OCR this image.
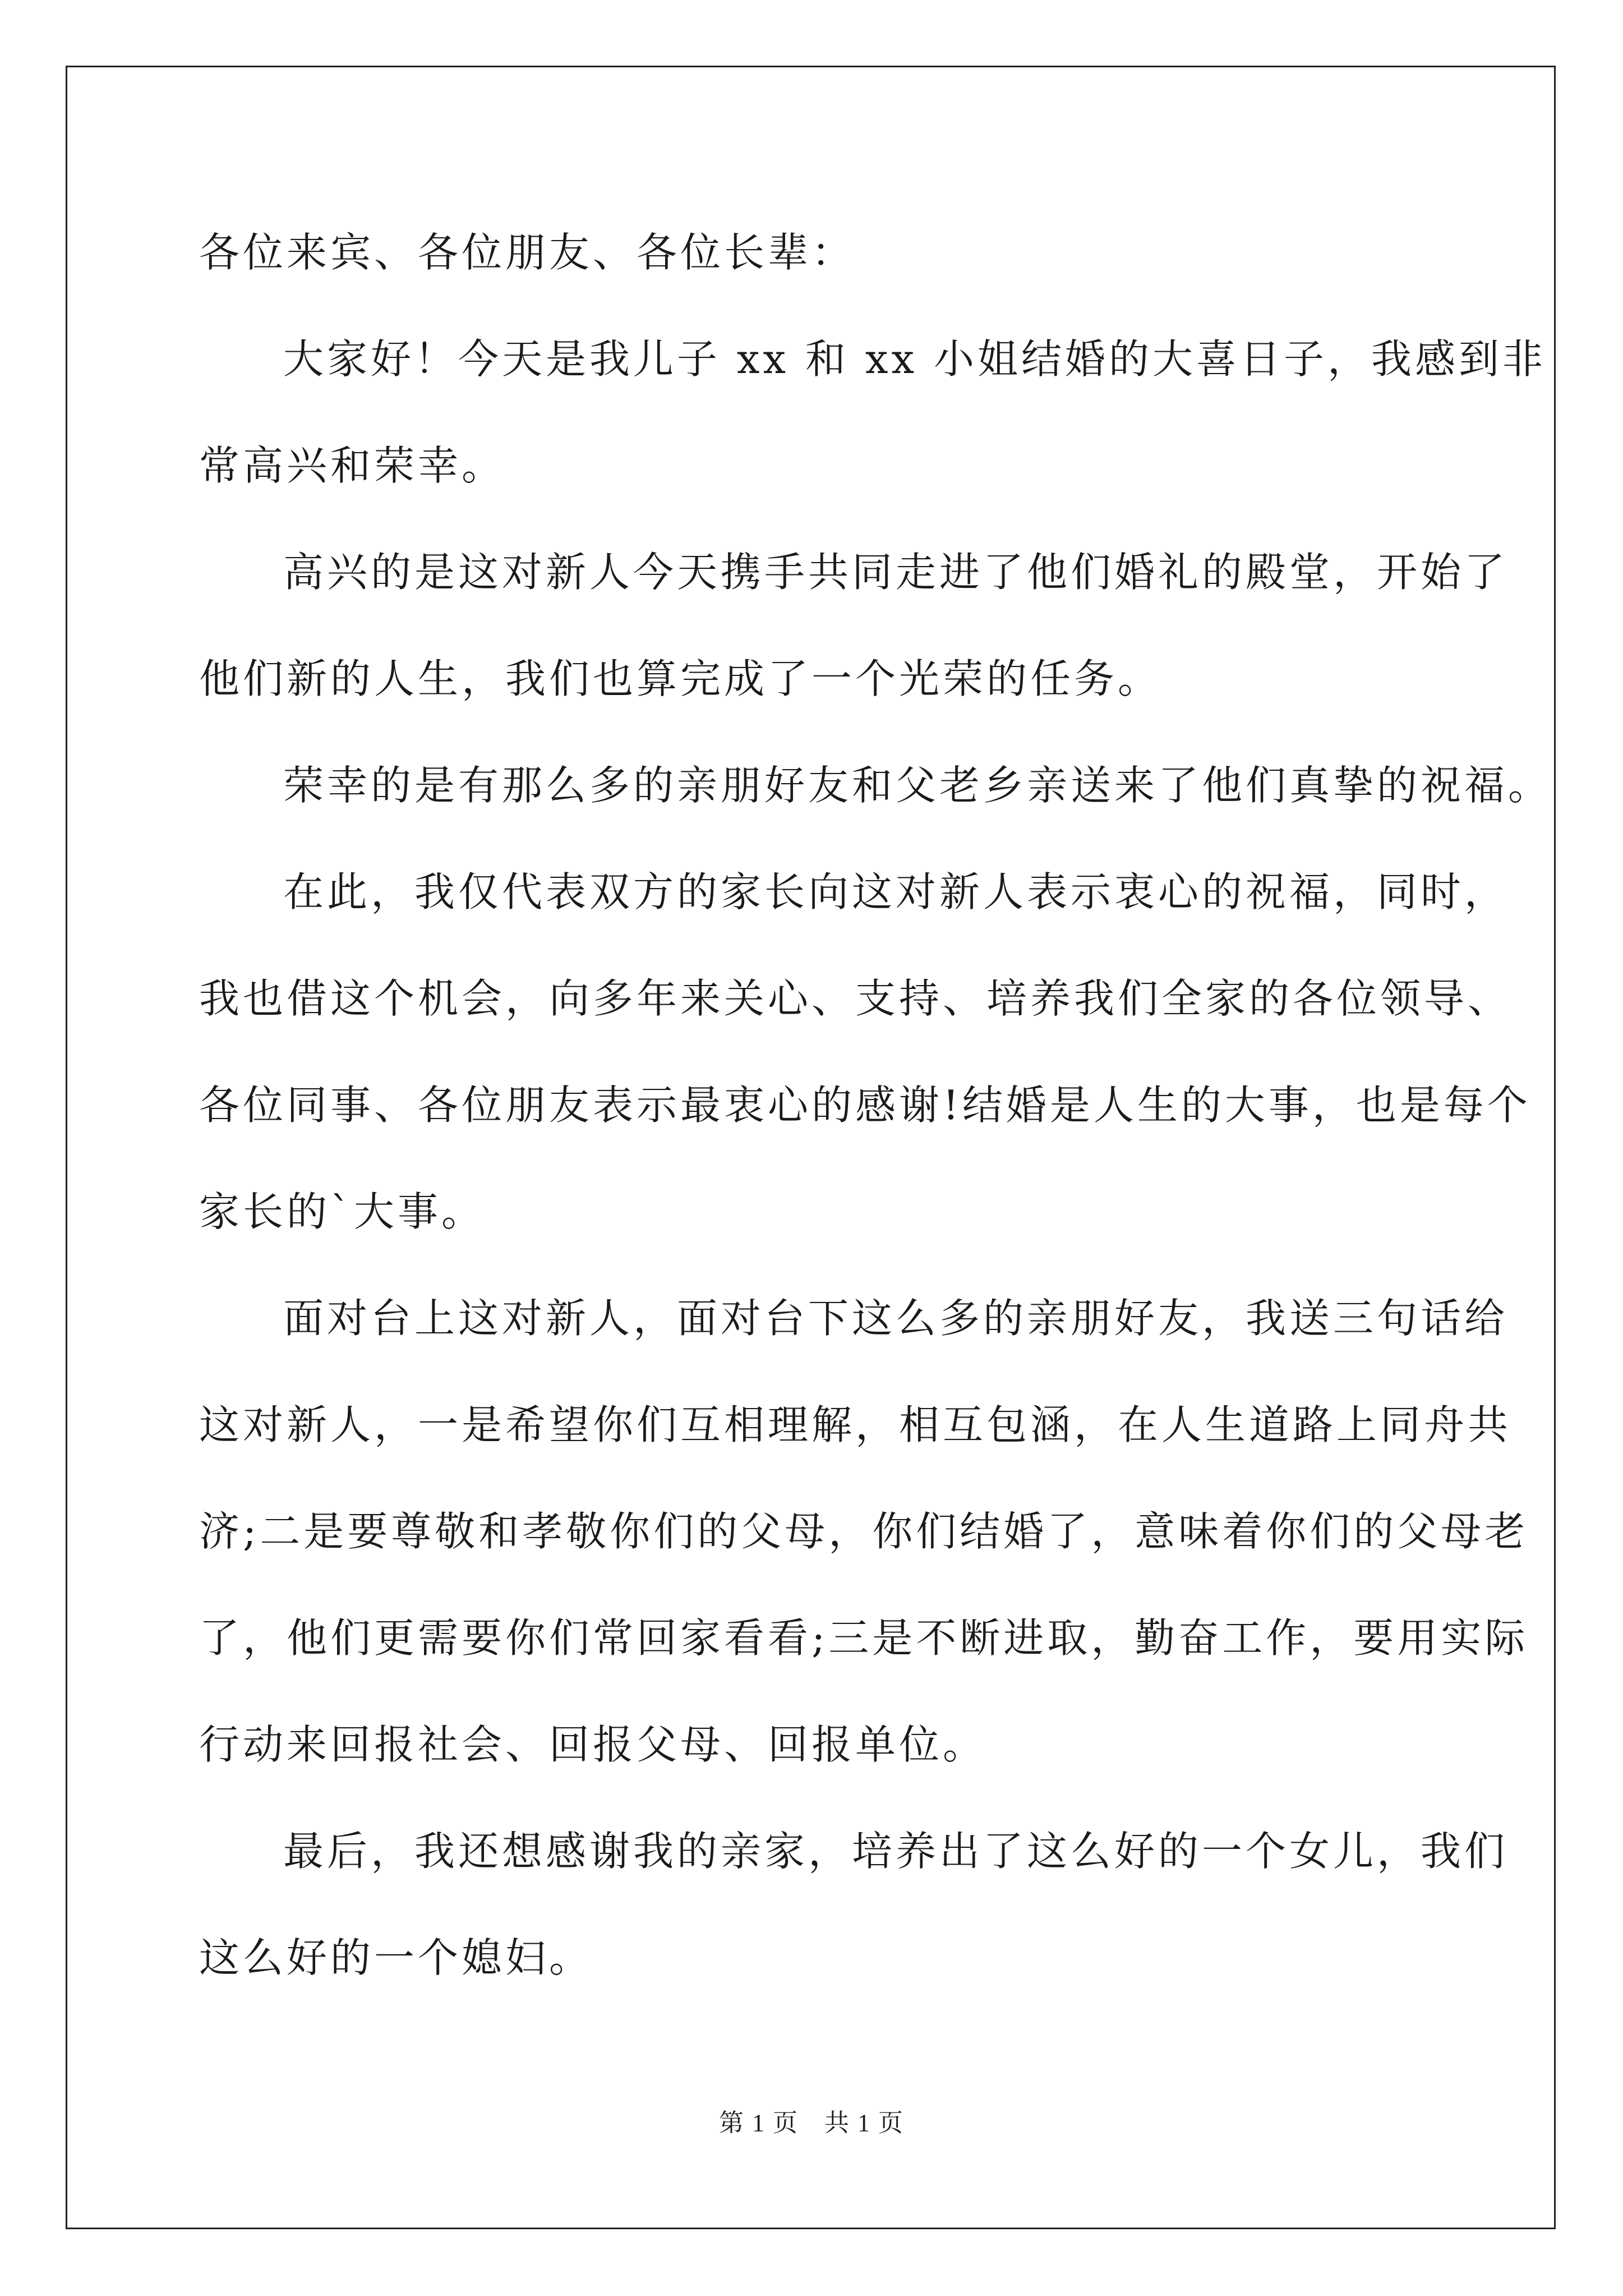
各位来宾、各位朋友、各位长辈：
大家好！今天是我儿子 xx 和 xx 小姐结婚的大喜日子，我感到非
常高兴和荣幸。
高兴的是这对新人今天携手共同走进了他们婚礼的殿堂，开始了
他们新的人生，我们也算完成了一个光荣的任务。
荣幸的是有那么多的亲朋好友和父老乡亲送来了他们真挚的祝福。
在此，我仅代表双方的家长向这对新人表示衷心的祝福，同时，
我也借这个机会，向多年来关心、支持、培养我们全家的各位领导、
各位同事、各位朋友表示最衷心的感谢!结婚是人生的大事，也是每个
家长的`大事。
面对台上这对新人，面对台下这么多的亲朋好友，我送三句话给
这对新人，一是希望你们互相理解，相互包涵，在人生道路上同舟共
济;二是要尊敬和孝敬你们的父母，你们结婚了，意味着你们的父母老
了，他们更需要你们常回家看看;三是不断进取，勤奋工作，要用实际
行动来回报社会、回报父母、回报单位。
最后，我还想感谢我的亲家，培养出了这么好的一个女儿，我们
这么好的一个媳妇。
第 1 页　共 1 页
